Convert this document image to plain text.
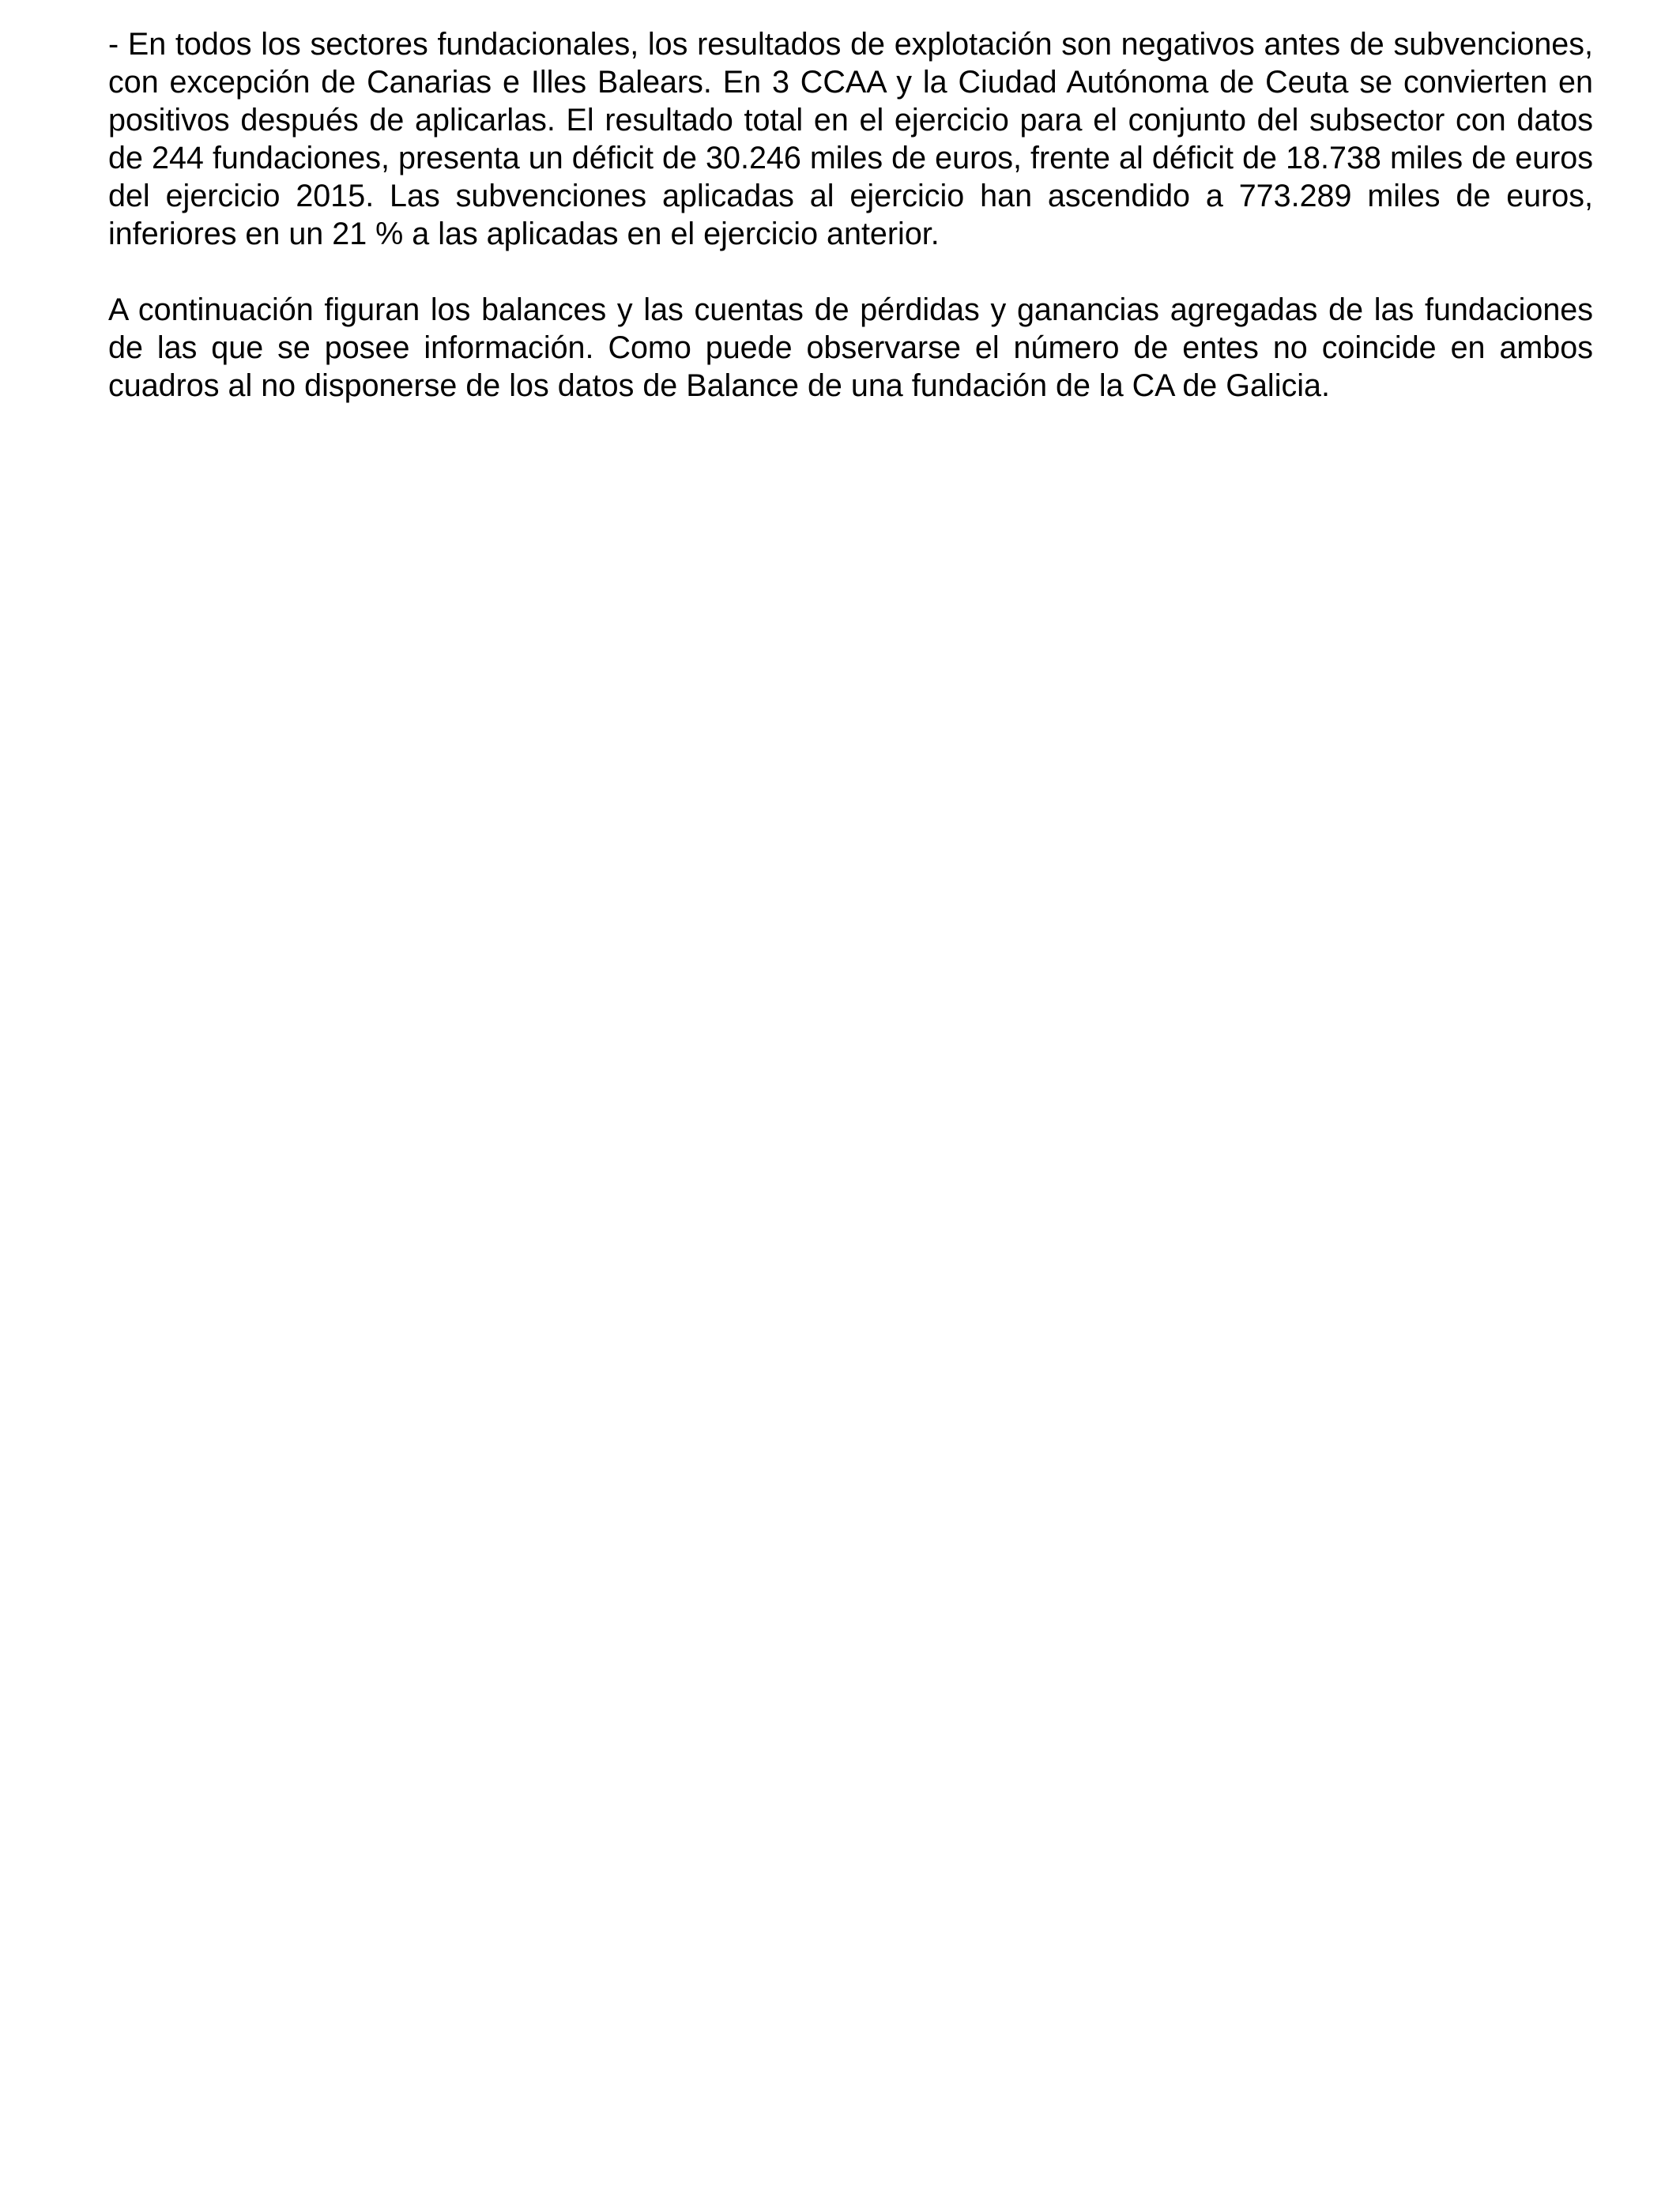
- En todos los sectores fundacionales, los resultados de explotación son negativos antes de subvenciones, con excepción de Canarias e Illes Balears. En 3 CCAA y la Ciudad Autónoma de Ceuta se convierten en positivos después de aplicarlas. El resultado total en el ejercicio para el conjunto del subsector con datos de 244 fundaciones, presenta un déficit de 30.246 miles de euros, frente al déficit de 18.738 miles de euros del ejercicio 2015. Las subvenciones aplicadas al ejercicio han ascendido a 773.289 miles de euros, inferiores en un 21 % a las aplicadas en el ejercicio anterior.

A continuación figuran los balances y las cuentas de pérdidas y ganancias agregadas de las fundaciones de las que se posee información. Como puede observarse el número de entes no coincide en ambos cuadros al no disponerse de los datos de Balance de una fundación de la CA de Galicia.
